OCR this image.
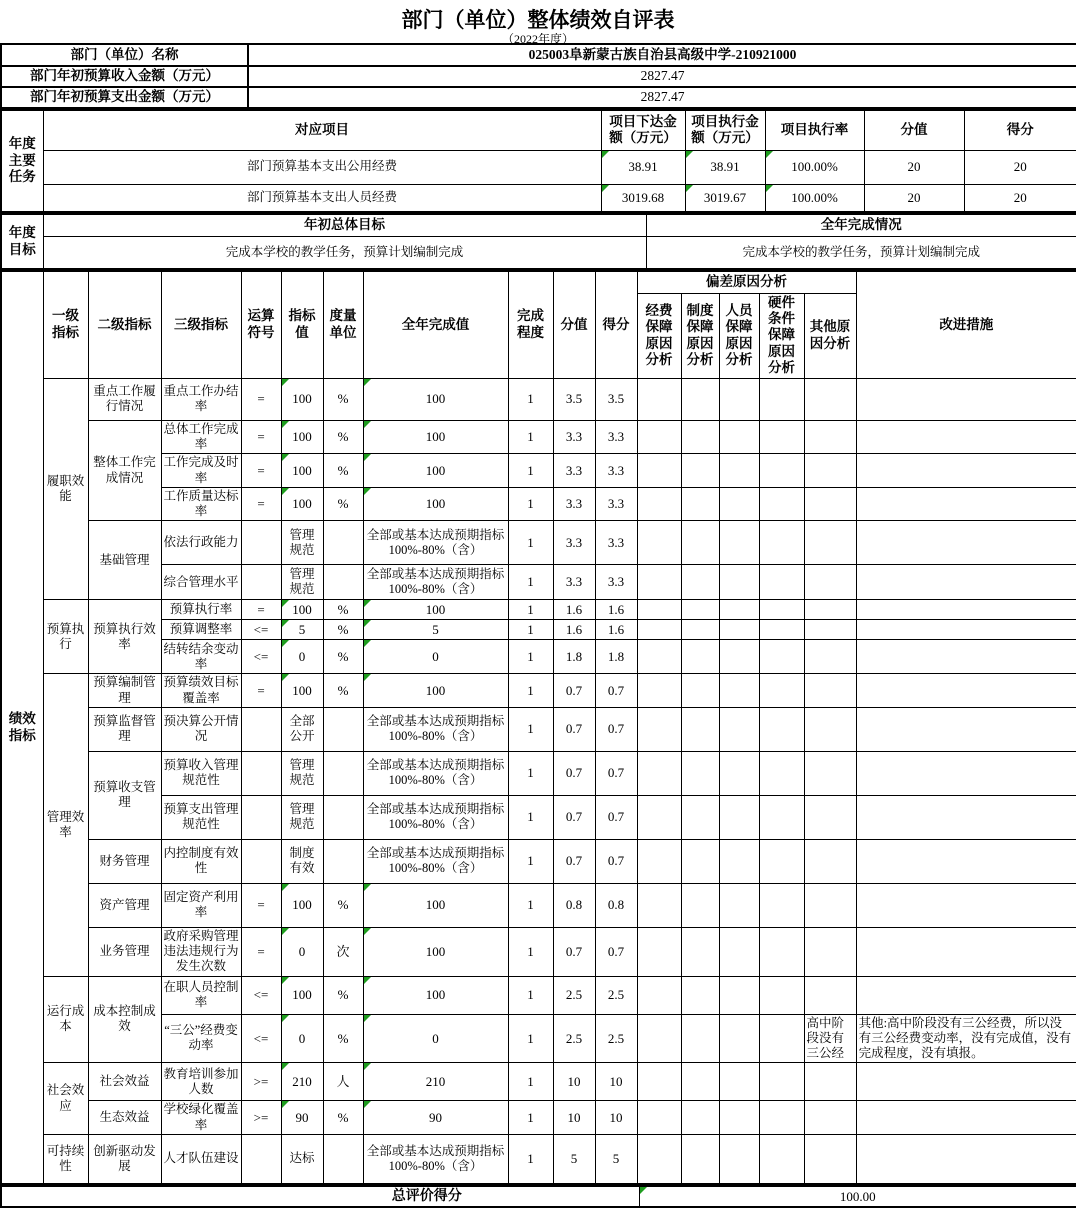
部门（单位）整体绩效自评表
（2022年度）
部门（单位）名称	025003阜新蒙古族自治县高级中学-210921000
部门年初预算收入金额（万元）	2827.47
部门年初预算支出金额（万元）	2827.47
年度主要任务	对应项目	项目下达金额（万元）	项目执行金额（万元）	项目执行率	分值	得分
	部门预算基本支出公用经费	38.91	38.91	100.00%	20	20
	部门预算基本支出人员经费	3019.68	3019.67	100.00%	20	20
年度目标	年初总体目标	全年完成情况
	完成本学校的教学任务，预算计划编制完成	完成本学校的教学任务，预算计划编制完成
绩效指标	一级指标	二级指标	三级指标	运算符号	指标值	度量单位	全年完成值	完成程度	分值	得分	偏差原因分析					改进措施
											经费保障原因分析	制度保障原因分析	人员保障原因分析	硬件条件保障原因分析	其他原因分析	
	履职效能	重点工作履行情况	重点工作办结率	=	100	%	100	1	3.5	3.5						
		整体工作完成情况	总体工作完成率	=	100	%	100	1	3.3	3.3						
			工作完成及时率	=	100	%	100	1	3.3	3.3						
			工作质量达标率	=	100	%	100	1	3.3	3.3						
		基础管理	依法行政能力		管理规范		全部或基本达成预期指标100%-80%（含）	1	3.3	3.3						
			综合管理水平		管理规范		全部或基本达成预期指标100%-80%（含）	1	3.3	3.3						
	预算执行	预算执行效率	预算执行率	=	100	%	100	1	1.6	1.6						
			预算调整率	<=	5	%	5	1	1.6	1.6						
			结转结余变动率	<=	0	%	0	1	1.8	1.8						
	管理效率	预算编制管理	预算绩效目标覆盖率	=	100	%	100	1	0.7	0.7						
		预算监督管理	预决算公开情况		全部公开		全部或基本达成预期指标100%-80%（含）	1	0.7	0.7						
		预算收支管理	预算收入管理规范性		管理规范		全部或基本达成预期指标100%-80%（含）	1	0.7	0.7						
			预算支出管理规范性		管理规范		全部或基本达成预期指标100%-80%（含）	1	0.7	0.7						
		财务管理	内控制度有效性		制度有效		全部或基本达成预期指标100%-80%（含）	1	0.7	0.7						
		资产管理	固定资产利用率	=	100	%	100	1	0.8	0.8						
		业务管理	政府采购管理违法违规行为发生次数	=	0	次	100	1	0.7	0.7						
	运行成本	成本控制成效	在职人员控制率	<=	100	%	100	1	2.5	2.5						
			“三公”经费变动率	<=	0	%	0	1	2.5	2.5					高中阶段没有三公经	其他:高中阶段没有三公经费，所以没有三公经费变动率，没有完成值，没有完成程度，没有填报。
	社会效应	社会效益	教育培训参加人数	>=	210	人	210	1	10	10						
		生态效益	学校绿化覆盖率	>=	90	%	90	1	10	10						
	可持续性	创新驱动发展	人才队伍建设		达标		全部或基本达成预期指标100%-80%（含）	1	5	5						
总评价得分	100.00
